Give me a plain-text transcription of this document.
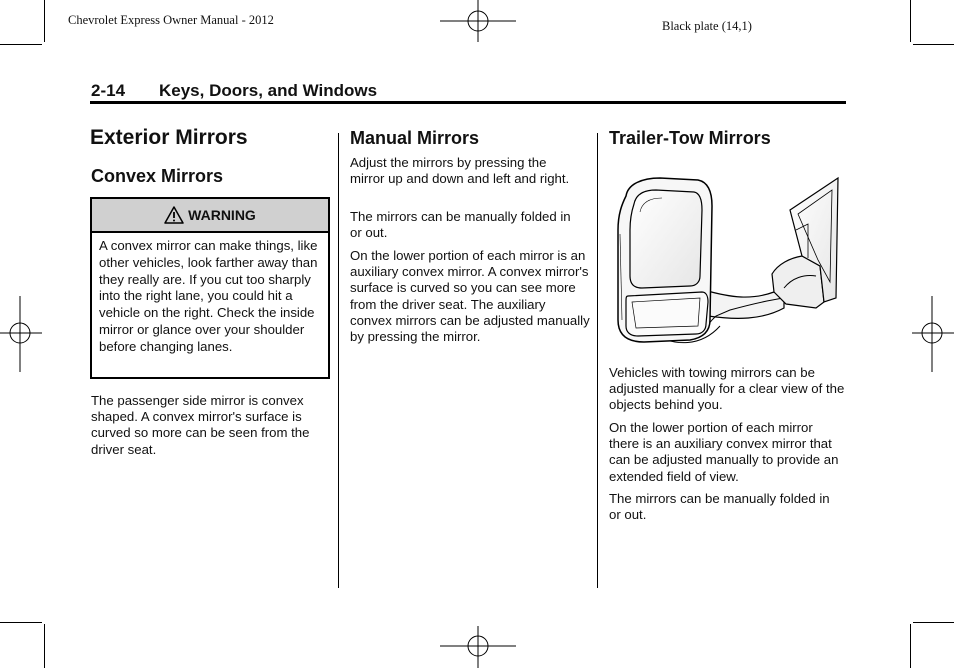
Chevrolet Express Owner Manual - 2012	Black plate (14,1)
2-14 Keys, Doors, and Windows
Exterior Mirrors
Convex Mirrors
WARNING

A convex mirror can make things, like other vehicles, look farther away than they really are. If you cut too sharply into the right lane, you could hit a vehicle on the right. Check the inside mirror or glance over your shoulder before changing lanes.

The passenger side mirror is convex shaped. A convex mirror's surface is curved so more can be seen from the driver seat.

Manual Mirrors

Adjust the mirrors by pressing the mirror up and down and left and right.

The mirrors can be manually folded in or out.

On the lower portion of each mirror is an auxiliary convex mirror. A convex mirror's surface is curved so you can see more from the driver seat. The auxiliary convex mirrors can be adjusted manually by pressing the mirror.

Trailer-Tow Mirrors

Vehicles with towing mirrors can be adjusted manually for a clear view of the objects behind you.

On the lower portion of each mirror there is an auxiliary convex mirror that can be adjusted manually to provide an extended field of view.

The mirrors can be manually folded in or out.
